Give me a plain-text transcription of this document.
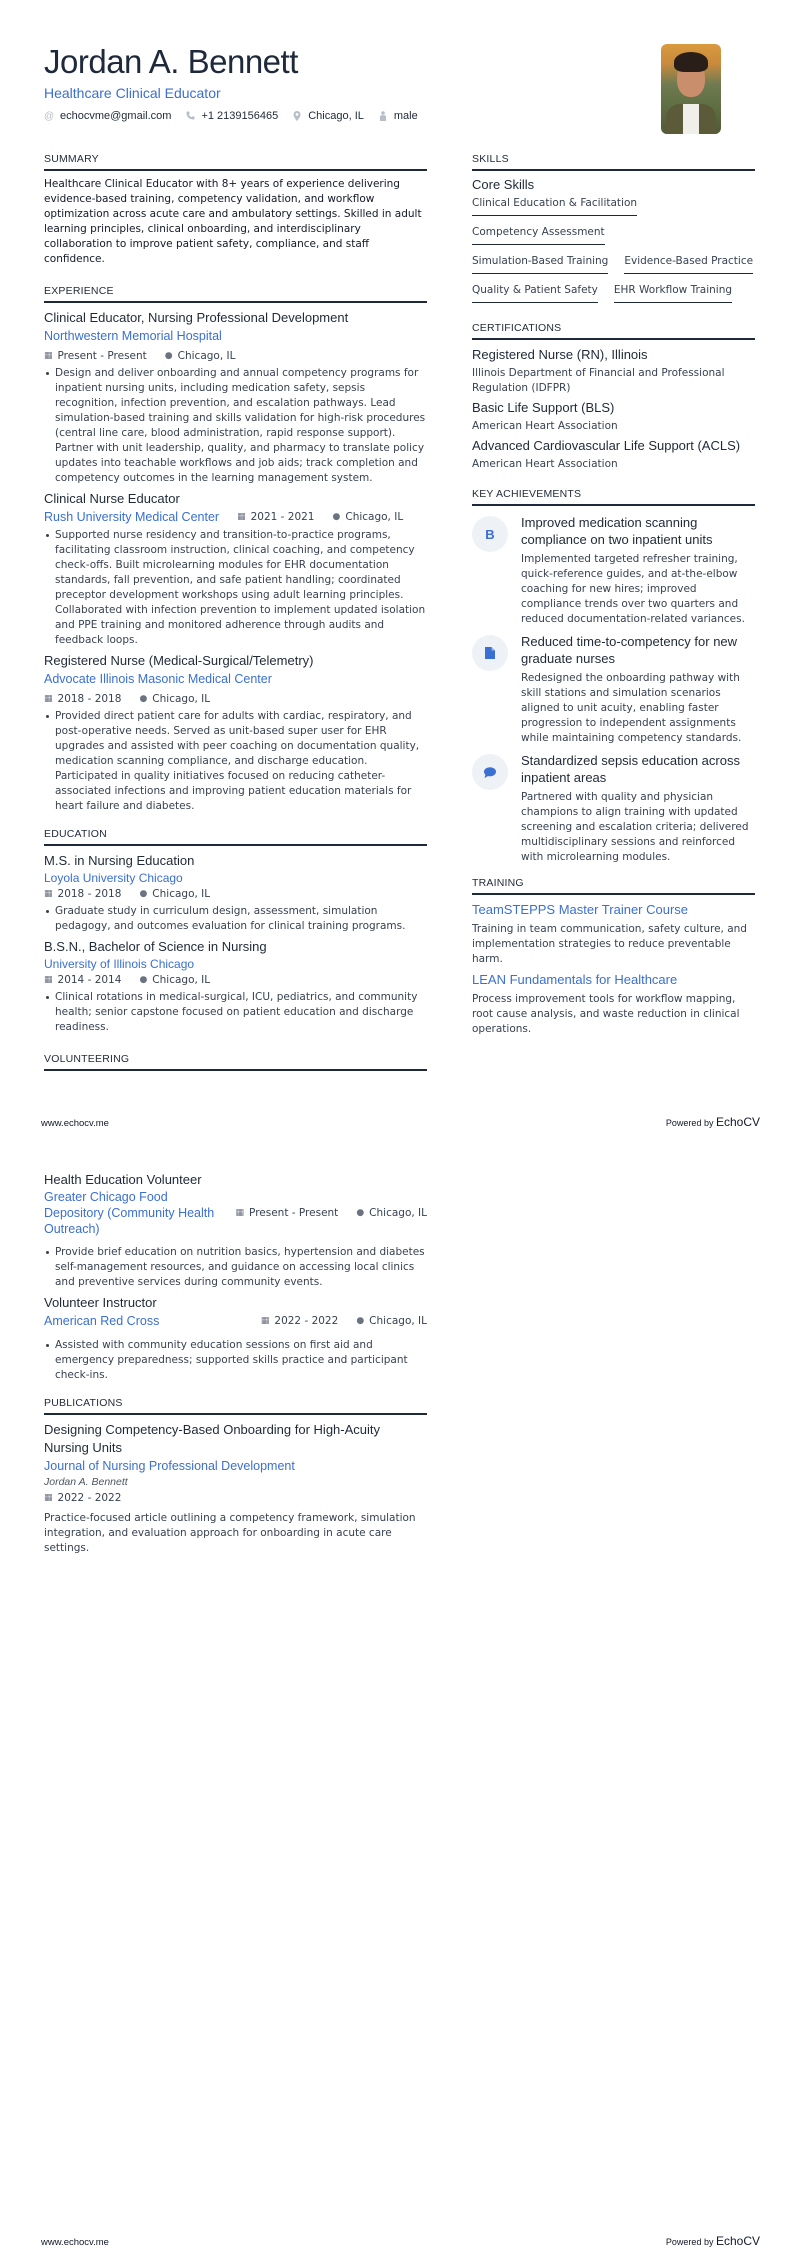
Jordan A. Bennett
Healthcare Clinical Educator
@ echocvme@gmail.com	+1 2139156465	Chicago, IL	male
SUMMARY
Healthcare Clinical Educator with 8+ years of experience delivering evidence-based training, competency validation, and workflow optimization across acute care and ambulatory settings. Skilled in adult learning principles, clinical onboarding, and interdisciplinary collaboration to improve patient safety, compliance, and staff confidence.
EXPERIENCE
Clinical Educator, Nursing Professional Development
Northwestern Memorial Hospital
▦ Present - Present ● Chicago, IL
Design and deliver onboarding and annual competency programs for inpatient nursing units, including medication safety, sepsis recognition, infection prevention, and escalation pathways. Lead simulation-based training and skills validation for high-risk procedures (central line care, blood administration, rapid response support). Partner with unit leadership, quality, and pharmacy to translate policy updates into teachable workflows and job aids; track completion and competency outcomes in the learning management system.
Clinical Nurse Educator
Rush University Medical Center ▦ 2021 - 2021 ● Chicago, IL
Supported nurse residency and transition-to-practice programs, facilitating classroom instruction, clinical coaching, and competency check-offs. Built microlearning modules for EHR documentation standards, fall prevention, and safe patient handling; coordinated preceptor development workshops using adult learning principles. Collaborated with infection prevention to implement updated isolation and PPE training and monitored adherence through audits and feedback loops.
Registered Nurse (Medical-Surgical/Telemetry)
Advocate Illinois Masonic Medical Center
▦ 2018 - 2018 ● Chicago, IL
Provided direct patient care for adults with cardiac, respiratory, and post-operative needs. Served as unit-based super user for EHR upgrades and assisted with peer coaching on documentation quality, medication scanning compliance, and discharge education. Participated in quality initiatives focused on reducing catheter-associated infections and improving patient education materials for heart failure and diabetes.
EDUCATION
M.S. in Nursing Education
Loyola University Chicago
▦ 2018 - 2018 ● Chicago, IL
Graduate study in curriculum design, assessment, simulation pedagogy, and outcomes evaluation for clinical training programs.
B.S.N., Bachelor of Science in Nursing
University of Illinois Chicago
▦ 2014 - 2014 ● Chicago, IL
Clinical rotations in medical-surgical, ICU, pediatrics, and community health; senior capstone focused on patient education and discharge readiness.
VOLUNTEERING
SKILLS
Core Skills
Clinical Education & Facilitation
Competency Assessment
Simulation-Based Training Evidence-Based Practice
Quality & Patient Safety EHR Workflow Training
CERTIFICATIONS
Registered Nurse (RN), Illinois
Illinois Department of Financial and Professional Regulation (IDFPR)
Basic Life Support (BLS)
American Heart Association
Advanced Cardiovascular Life Support (ACLS)
American Heart Association
KEY ACHIEVEMENTS
B
Improved medication scanning compliance on two inpatient units
Implemented targeted refresher training, quick-reference guides, and at-the-elbow coaching for new hires; improved compliance trends over two quarters and reduced documentation-related variances.
Reduced time-to-competency for new graduate nurses
Redesigned the onboarding pathway with skill stations and simulation scenarios aligned to unit acuity, enabling faster progression to independent assignments while maintaining competency standards.
Standardized sepsis education across inpatient areas
Partnered with quality and physician champions to align training with updated screening and escalation criteria; delivered multidisciplinary sessions and reinforced with microlearning modules.
TRAINING
TeamSTEPPS Master Trainer Course
Training in team communication, safety culture, and implementation strategies to reduce preventable harm.
LEAN Fundamentals for Healthcare
Process improvement tools for workflow mapping, root cause analysis, and waste reduction in clinical operations.
www.echocv.me	Powered by EchoCV
Health Education Volunteer
Greater Chicago Food Depository (Community Health Outreach)
▦ Present - Present ● Chicago, IL
Provide brief education on nutrition basics, hypertension and diabetes self-management resources, and guidance on accessing local clinics and preventive services during community events.
Volunteer Instructor
American Red Cross	▦ 2022 - 2022 ● Chicago, IL
Assisted with community education sessions on first aid and emergency preparedness; supported skills practice and participant check-ins.
PUBLICATIONS
Designing Competency-Based Onboarding for High-Acuity Nursing Units
Journal of Nursing Professional Development
Jordan A. Bennett
▦ 2022 - 2022
Practice-focused article outlining a competency framework, simulation integration, and evaluation approach for onboarding in acute care settings.
www.echocv.me	Powered by EchoCV
